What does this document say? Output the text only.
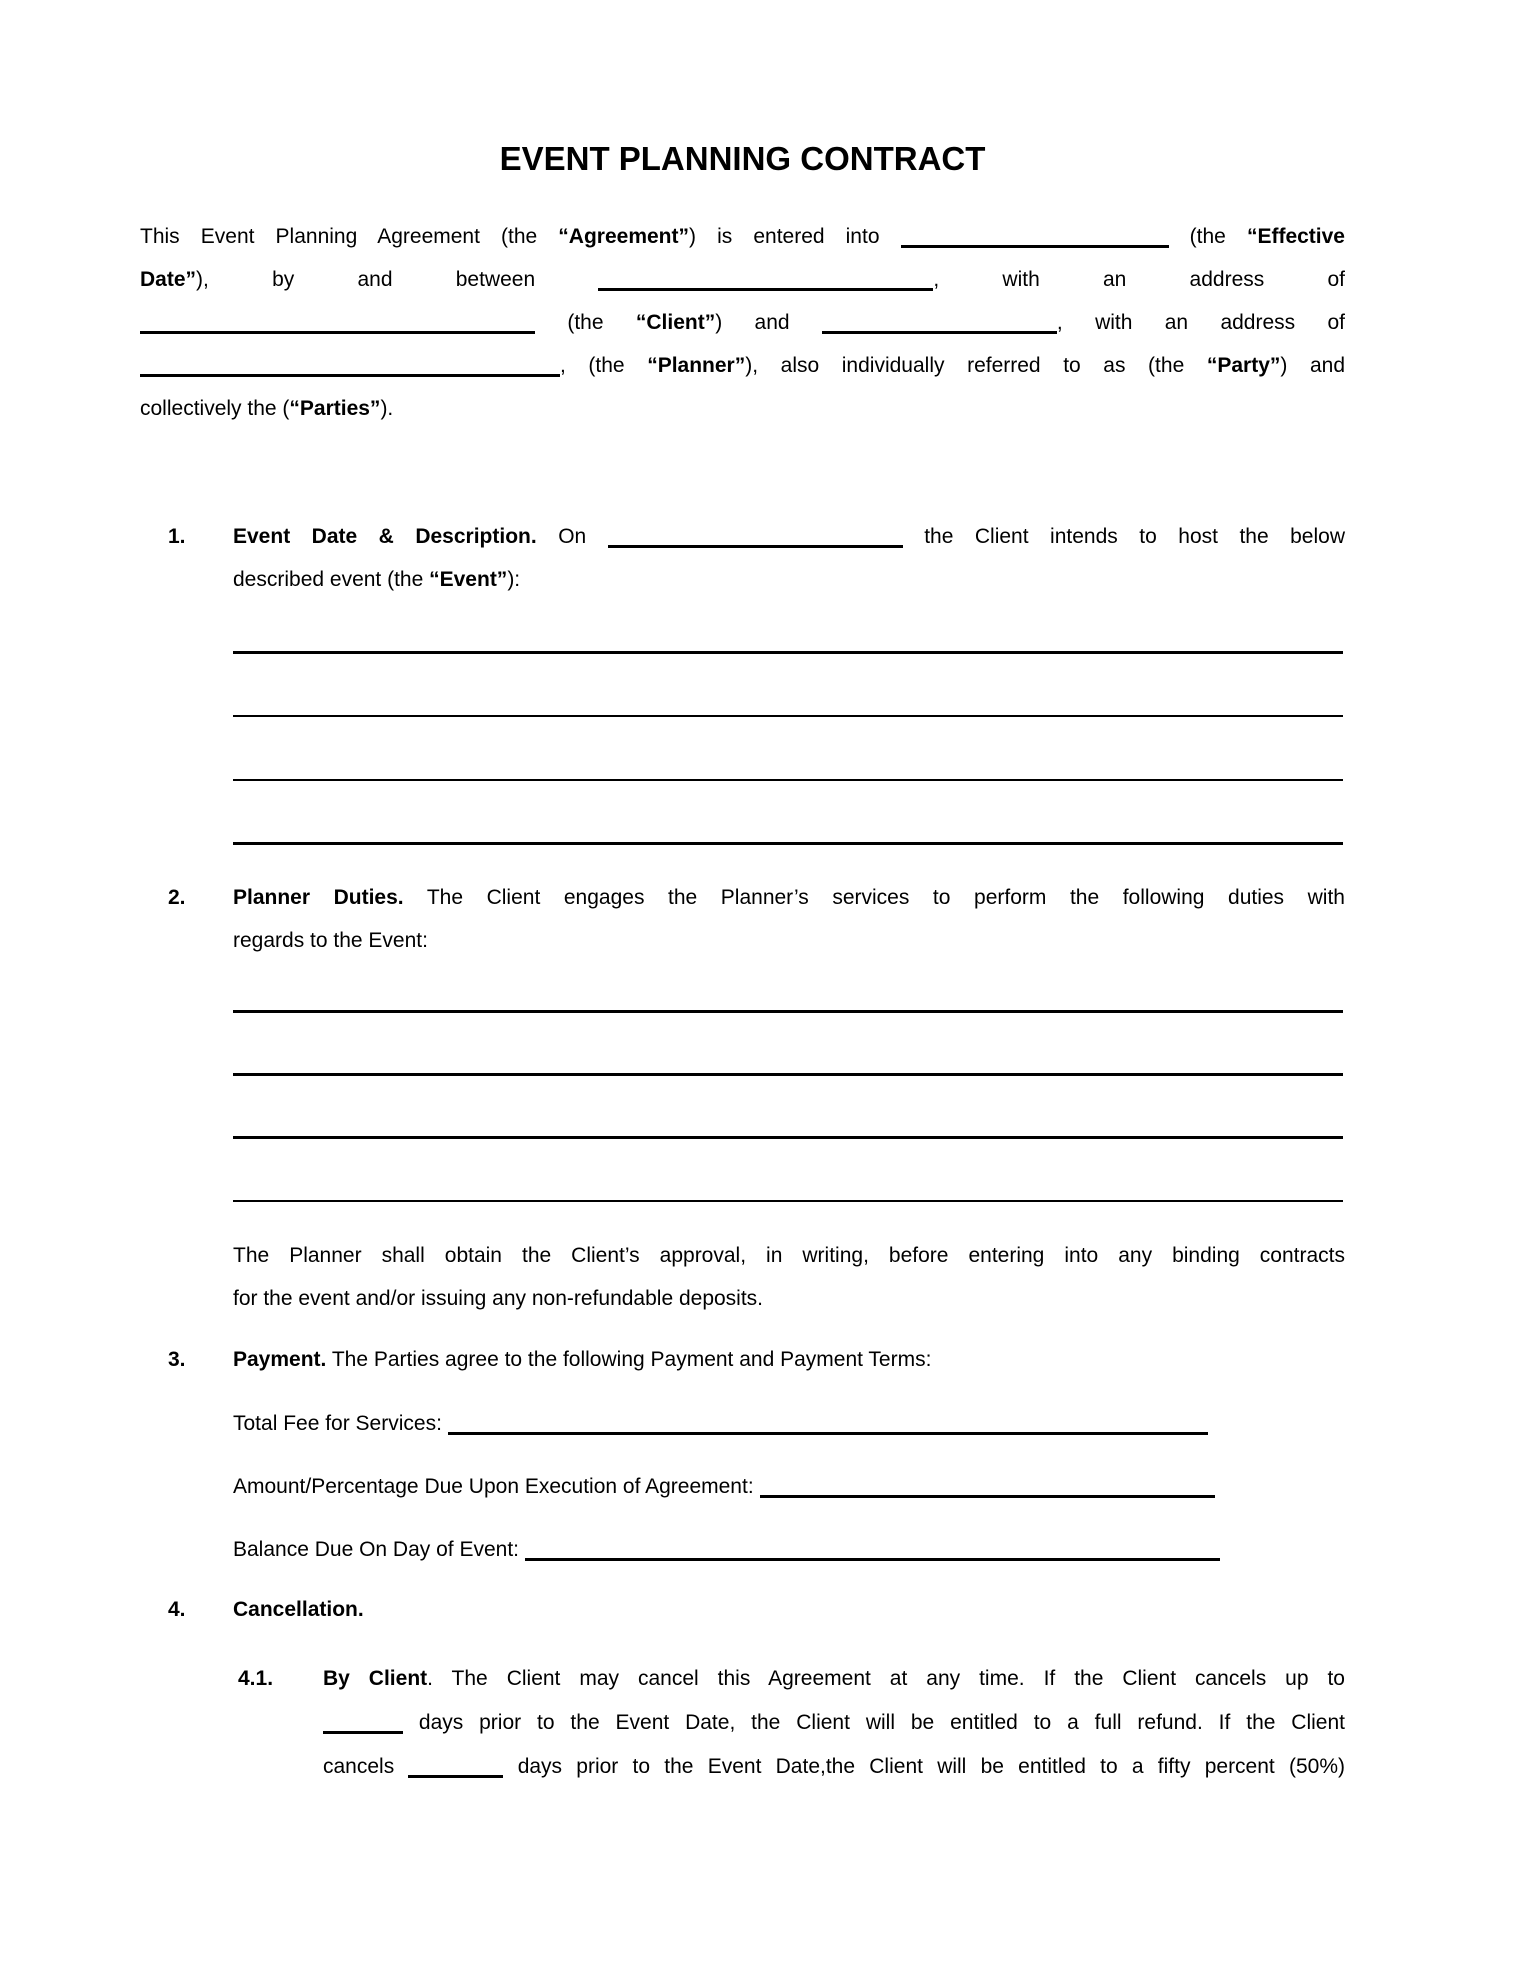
EVENT PLANNING CONTRACT
This Event Planning Agreement (the “Agreement”) is entered into	(the “Effective
Date”), by and between	, with an address of
(the “Client”) and	, with an address of
, (the “Planner”), also individually referred to as (the “Party”) and
collectively the (“Parties”).
1. Event Date & Description. On	the Client intends to host the below
described event (the “Event”):
2. Planner Duties. The Client engages the Planner’s services to perform the following duties with
regards to the Event:
The Planner shall obtain the Client’s approval, in writing, before entering into any binding contracts
for the event and/or issuing any non-refundable deposits.
3. Payment. The Parties agree to the following Payment and Payment Terms:
Total Fee for Services:
Amount/Percentage Due Upon Execution of Agreement:
Balance Due On Day of Event:
4. Cancellation.
4.1. By Client. The Client may cancel this Agreement at any time. If the Client cancels up to
days prior to the Event Date, the Client will be entitled to a full refund. If the Client
cancels	days prior to the Event Date,the Client will be entitled to a fifty percent (50%)
